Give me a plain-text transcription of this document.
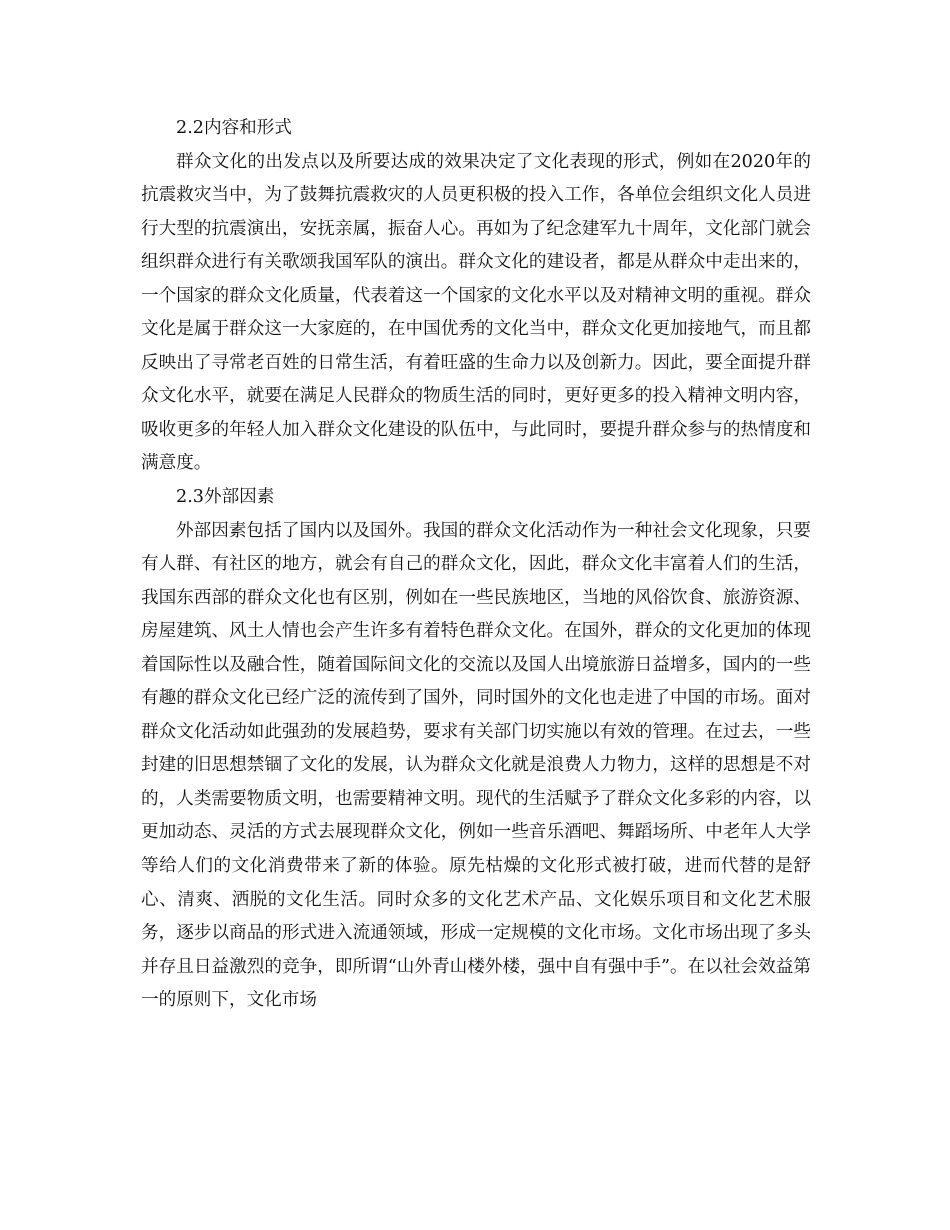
2.2内容和形式

群众文化的出发点以及所要达成的效果决定了文化表现的形式，例如在2020年的抗震救灾当中，为了鼓舞抗震救灾的人员更积极的投入工作，各单位会组织文化人员进行大型的抗震演出，安抚亲属，振奋人心。再如为了纪念建军九十周年，文化部门就会组织群众进行有关歌颂我国军队的演出。群众文化的建设者，都是从群众中走出来的，一个国家的群众文化质量，代表着这一个国家的文化水平以及对精神文明的重视。群众文化是属于群众这一大家庭的，在中国优秀的文化当中，群众文化更加接地气，而且都反映出了寻常老百姓的日常生活，有着旺盛的生命力以及创新力。因此，要全面提升群众文化水平，就要在满足人民群众的物质生活的同时，更好更多的投入精神文明内容，吸收更多的年轻人加入群众文化建设的队伍中，与此同时，要提升群众参与的热情度和满意度。

2.3外部因素

外部因素包括了国内以及国外。我国的群众文化活动作为一种社会文化现象，只要有人群、有社区的地方，就会有自己的群众文化，因此，群众文化丰富着人们的生活，我国东西部的群众文化也有区别，例如在一些民族地区，当地的风俗饮食、旅游资源、房屋建筑、风土人情也会产生许多有着特色群众文化。在国外，群众的文化更加的体现着国际性以及融合性，随着国际间文化的交流以及国人出境旅游日益增多，国内的一些有趣的群众文化已经广泛的流传到了国外，同时国外的文化也走进了中国的市场。面对群众文化活动如此强劲的发展趋势，要求有关部门切实施以有效的管理。在过去，一些封建的旧思想禁锢了文化的发展，认为群众文化就是浪费人力物力，这样的思想是不对的，人类需要物质文明，也需要精神文明。现代的生活赋予了群众文化多彩的内容，以更加动态、灵活的方式去展现群众文化，例如一些音乐酒吧、舞蹈场所、中老年人大学等给人们的文化消费带来了新的体验。原先枯燥的文化形式被打破，进而代替的是舒心、清爽、洒脱的文化生活。同时众多的文化艺术产品、文化娱乐项目和文化艺术服务，逐步以商品的形式进入流通领域，形成一定规模的文化市场。文化市场出现了多头并存且日益激烈的竞争，即所谓“山外青山楼外楼，强中自有强中手”。在以社会效益第一的原则下，文化市场
